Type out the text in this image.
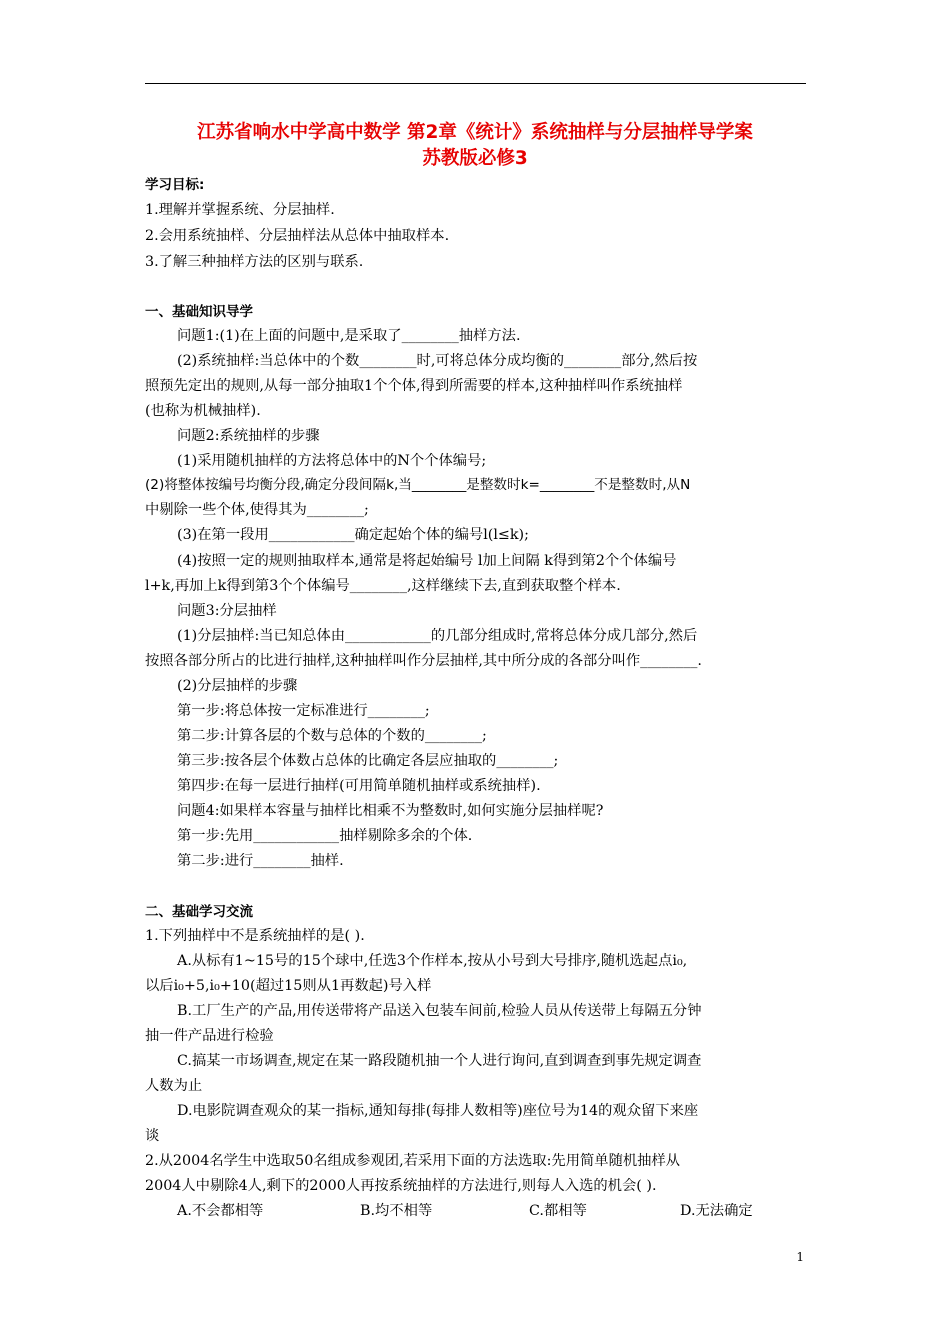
江苏省响水中学高中数学 第2章《统计》系统抽样与分层抽样导学案
苏教版必修3
学习目标:
1.理解并掌握系统、分层抽样.
2.会用系统抽样、分层抽样法从总体中抽取样本.
3.了解三种抽样方法的区别与联系.
一、基础知识导学
问题1:(1)在上面的问题中,是采取了________抽样方法.
(2)系统抽样:当总体中的个数________时,可将总体分成均衡的________部分,然后按
照预先定出的规则,从每一部分抽取1个个体,得到所需要的样本,这种抽样叫作系统抽样
(也称为机械抽样).
问题2:系统抽样的步骤
(1)采用随机抽样的方法将总体中的N个个体编号;
(2)将整体按编号均衡分段,确定分段间隔k,当________是整数时k=________不是整数时,从N
中剔除一些个体,使得其为________;
(3)在第一段用____________确定起始个体的编号l(l≤k);
(4)按照一定的规则抽取样本,通常是将起始编号 l加上间隔 k得到第2个个体编号
l+k,再加上k得到第3个个体编号________,这样继续下去,直到获取整个样本.
问题3:分层抽样
(1)分层抽样:当已知总体由____________的几部分组成时,常将总体分成几部分,然后
按照各部分所占的比进行抽样,这种抽样叫作分层抽样,其中所分成的各部分叫作________.
(2)分层抽样的步骤
第一步:将总体按一定标准进行________;
第二步:计算各层的个数与总体的个数的________;
第三步:按各层个体数占总体的比确定各层应抽取的________;
第四步:在每一层进行抽样(可用简单随机抽样或系统抽样).
问题4:如果样本容量与抽样比相乘不为整数时,如何实施分层抽样呢?
第一步:先用____________抽样剔除多余的个体.
第二步:进行________抽样.
二、基础学习交流
1.下列抽样中不是系统抽样的是( ).
A.从标有1~15号的15个球中,任选3个作样本,按从小号到大号排序,随机选起点i₀,
以后i₀+5,i₀+10(超过15则从1再数起)号入样
B.工厂生产的产品,用传送带将产品送入包装车间前,检验人员从传送带上每隔五分钟
抽一件产品进行检验
C.搞某一市场调查,规定在某一路段随机抽一个人进行询问,直到调查到事先规定调查
人数为止
D.电影院调查观众的某一指标,通知每排(每排人数相等)座位号为14的观众留下来座
谈
2.从2004名学生中选取50名组成参观团,若采用下面的方法选取:先用简单随机抽样从
2004人中剔除4人,剩下的2000人再按系统抽样的方法进行,则每人入选的机会( ).
A.不会都相等	B.均不相等	C.都相等	D.无法确定
1
